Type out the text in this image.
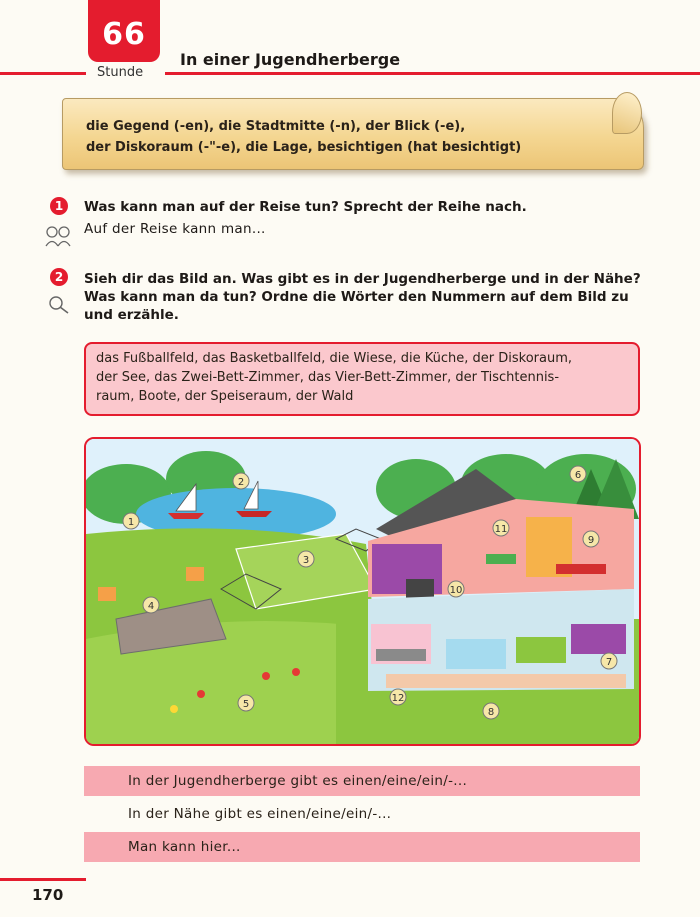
66
Stunde
In einer Jugendherberge
die Gegend (-en), die Stadtmitte (-n), der Blick (-e),
der Diskoraum (-"-e), die Lage, besichtigen (hat besichtigt)
1	Was kann man auf der Reise tun? Sprecht der Reihe nach.
Auf der Reise kann man...
2	Sieh dir das Bild an. Was gibt es in der Jugendherberge und in der Nähe?
Was kann man da tun? Ordne die Wörter den Nummern auf dem Bild zu
und erzähle.
das Fußballfeld, das Basketballfeld, die Wiese, die Küche, der Diskoraum,
der See, das Zwei-Bett-Zimmer, das Vier-Bett-Zimmer, der Tischtennis-
raum, Boote, der Speiseraum, der Wald
1
2
3
4
5
6
7
8
9
10
11
12
In der Jugendherberge gibt es einen/eine/ein/-...
In der Nähe gibt es einen/eine/ein/-...
Man kann hier...
170
